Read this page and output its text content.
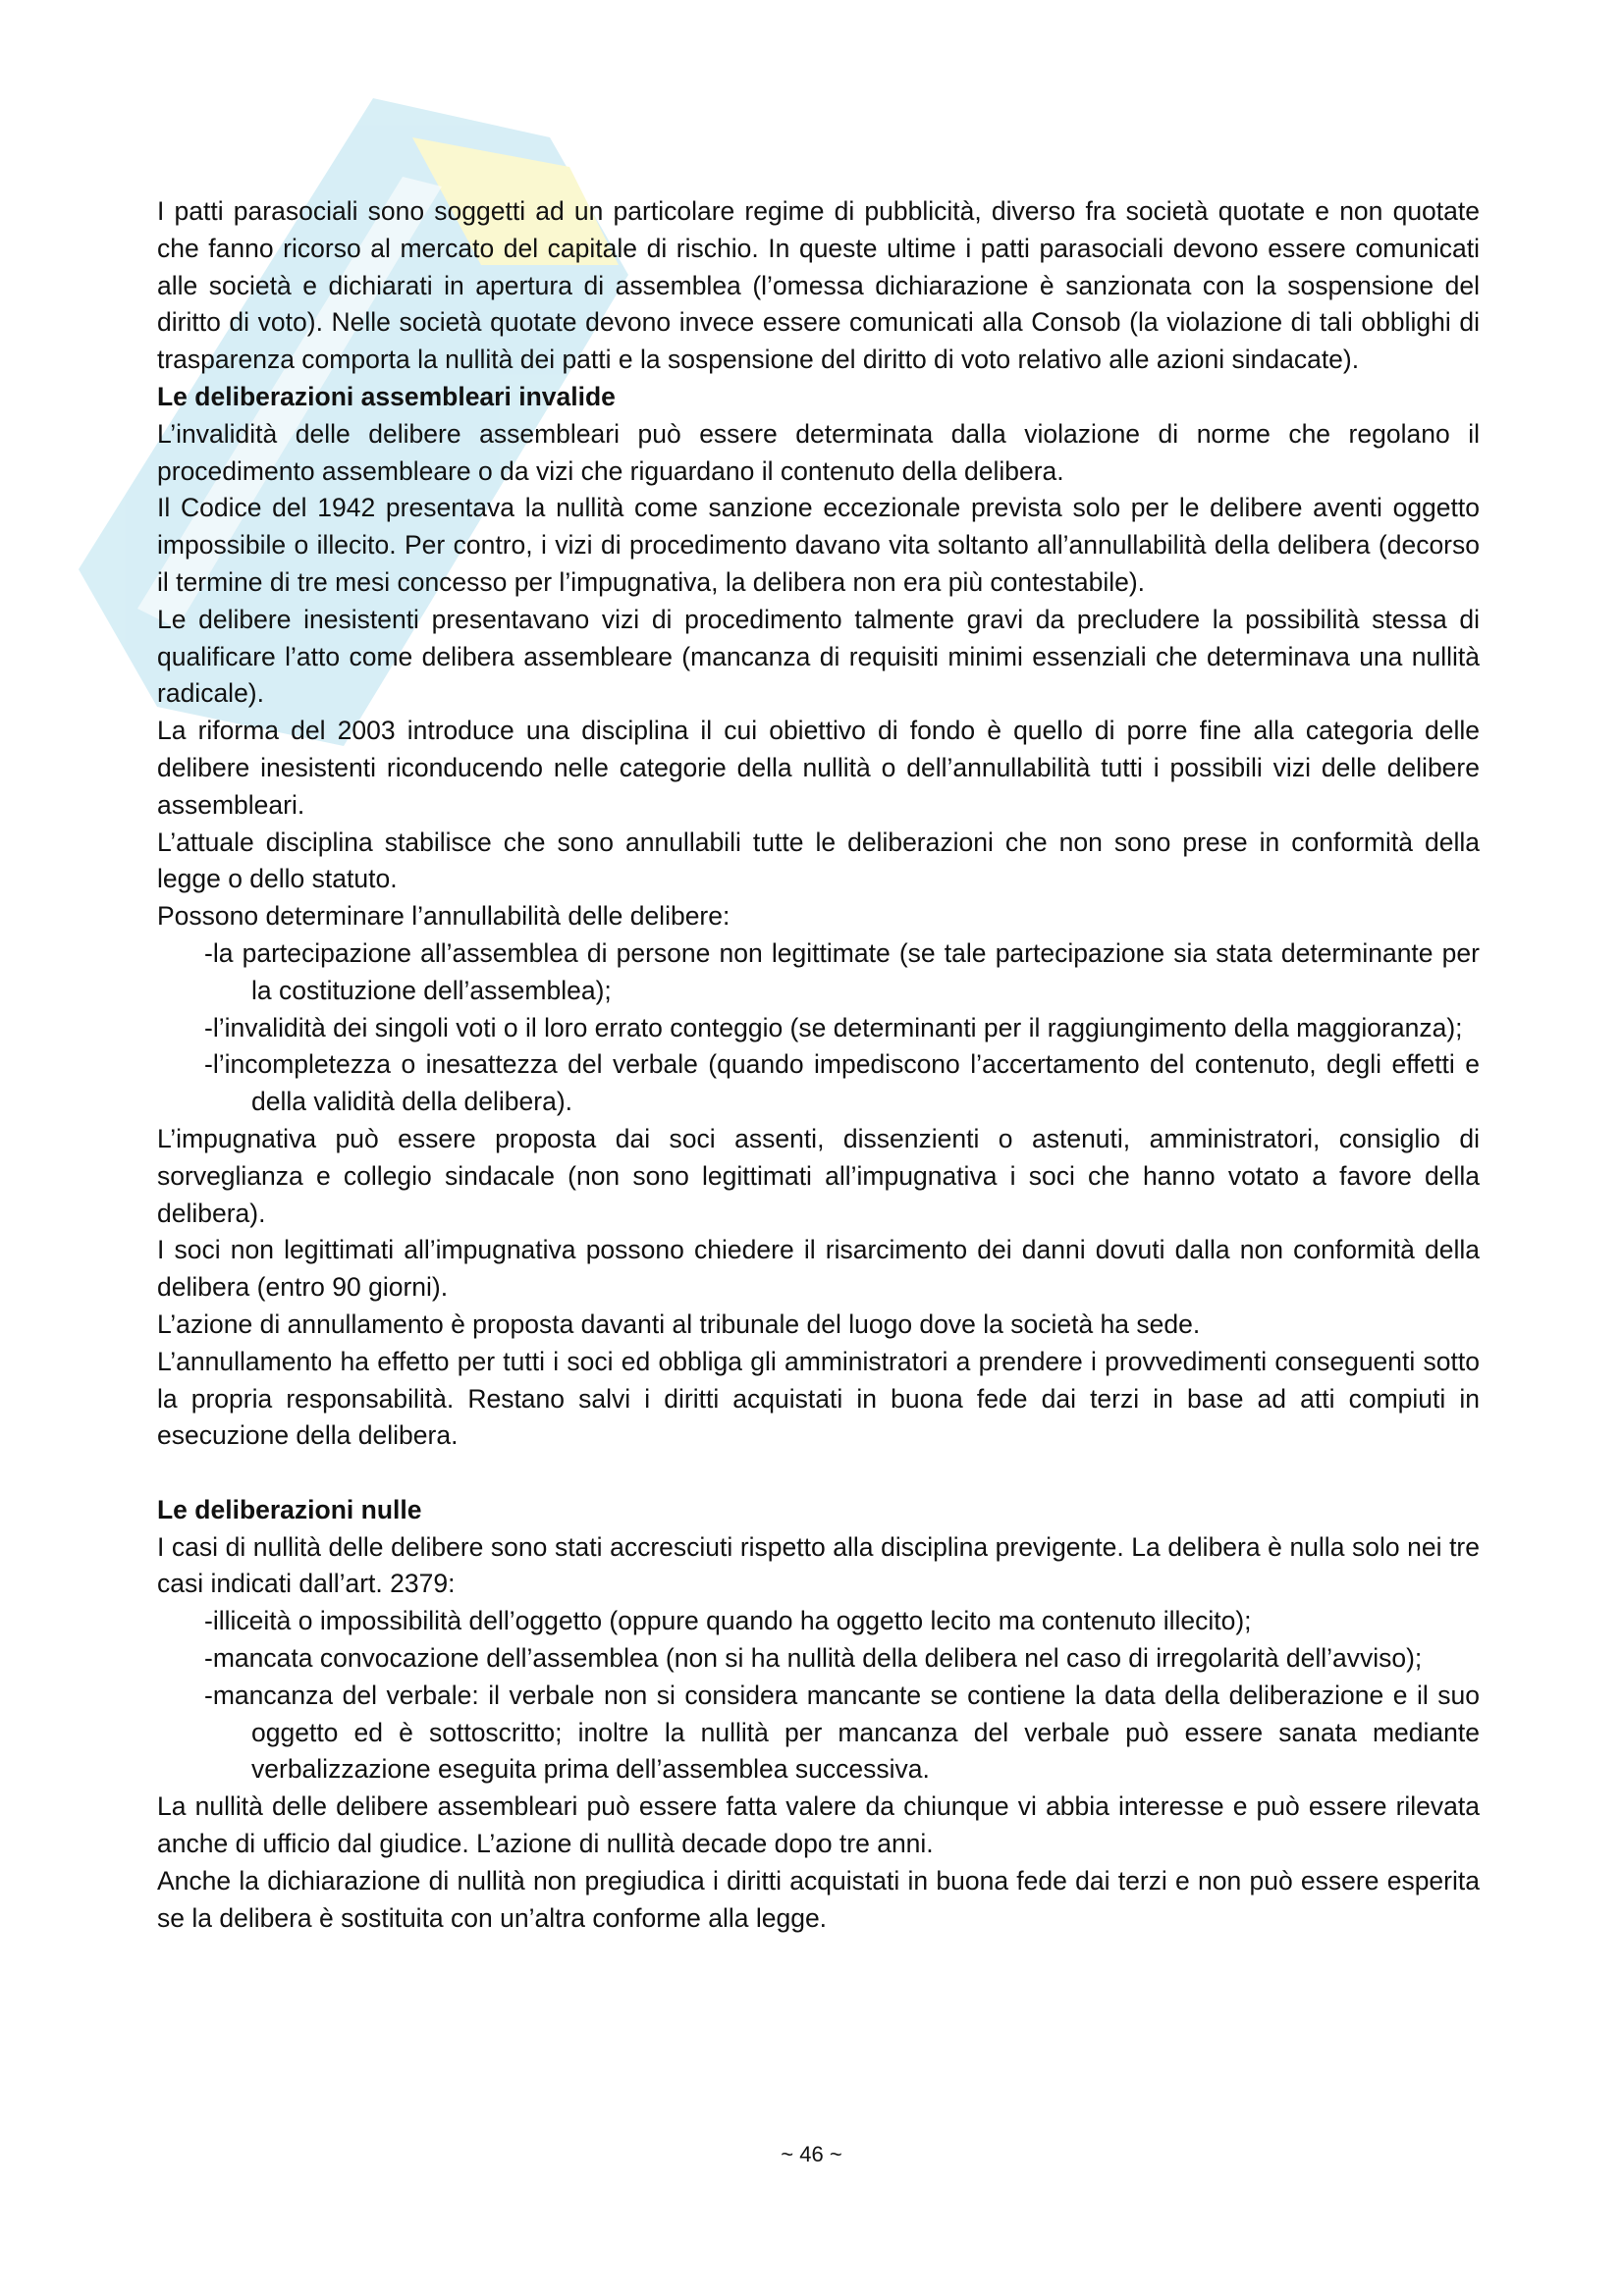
I patti parasociali sono soggetti ad un particolare regime di pubblicità, diverso fra società quotate e non quotate che fanno ricorso al mercato del capitale di rischio. In queste ultime i patti parasociali devono essere comunicati alle società e dichiarati in apertura di assemblea (l’omessa dichiarazione è sanzionata con la sospensione del diritto di voto). Nelle società quotate devono invece essere comunicati alla Consob (la violazione di tali obblighi di trasparenza comporta la nullità dei patti e la sospensione del diritto di voto relativo alle azioni sindacate).

Le deliberazioni assembleari invalide

L’invalidità delle delibere assembleari può essere determinata dalla violazione di norme che regolano il procedimento assembleare o da vizi che riguardano il contenuto della delibera.

Il Codice del 1942 presentava la nullità come sanzione eccezionale prevista solo per le delibere aventi oggetto impossibile o illecito. Per contro, i vizi di procedimento davano vita soltanto all’annullabilità della delibera (decorso il termine di tre mesi concesso per l’impugnativa, la delibera non era più contestabile).

Le delibere inesistenti presentavano vizi di procedimento talmente gravi da precludere la possibilità stessa di qualificare l’atto come delibera assembleare (mancanza di requisiti minimi essenziali che determinava una nullità radicale).

La riforma del 2003 introduce una disciplina il cui obiettivo di fondo è quello di porre fine alla categoria delle delibere inesistenti riconducendo nelle categorie della nullità o dell’annullabilità tutti i possibili vizi delle delibere assembleari.

L’attuale disciplina stabilisce che sono annullabili tutte le deliberazioni che non sono prese in conformità della legge o dello statuto.

Possono determinare l’annullabilità delle delibere:

-la partecipazione all’assemblea di persone non legittimate (se tale partecipazione sia stata determinante per la costituzione dell’assemblea);
-l’invalidità dei singoli voti o il loro errato conteggio (se determinanti per il raggiungimento della maggioranza);
-l’incompletezza o inesattezza del verbale (quando impediscono l’accertamento del contenuto, degli effetti e della validità della delibera).

L’impugnativa può essere proposta dai soci assenti, dissenzienti o astenuti, amministratori, consiglio di sorveglianza e collegio sindacale (non sono legittimati all’impugnativa i soci che hanno votato a favore della delibera).

I soci non legittimati all’impugnativa possono chiedere il risarcimento dei danni dovuti dalla non conformità della delibera (entro 90 giorni).

L’azione di annullamento è proposta davanti al tribunale del luogo dove la società ha sede.

L’annullamento ha effetto per tutti i soci ed obbliga gli amministratori a prendere i provvedimenti conseguenti sotto la propria responsabilità. Restano salvi i diritti acquistati in buona fede dai terzi in base ad atti compiuti in esecuzione della delibera.

Le deliberazioni nulle

I casi di nullità delle delibere sono stati accresciuti rispetto alla disciplina previgente. La delibera è nulla solo nei tre casi indicati dall’art. 2379:

-illiceità o impossibilità dell’oggetto (oppure quando ha oggetto lecito ma contenuto illecito);
-mancata convocazione dell’assemblea (non si ha nullità della delibera nel caso di irregolarità dell’avviso);
-mancanza del verbale: il verbale non si considera mancante se contiene la data della deliberazione e il suo oggetto ed è sottoscritto; inoltre la nullità per mancanza del verbale può essere sanata mediante verbalizzazione eseguita prima dell’assemblea successiva.

La nullità delle delibere assembleari può essere fatta valere da chiunque vi abbia interesse e può essere rilevata anche di ufficio dal giudice. L’azione di nullità decade dopo tre anni.

Anche la dichiarazione di nullità non pregiudica i diritti acquistati in buona fede dai terzi e non può essere esperita se la delibera è sostituita con un’altra conforme alla legge.

~ 46 ~
